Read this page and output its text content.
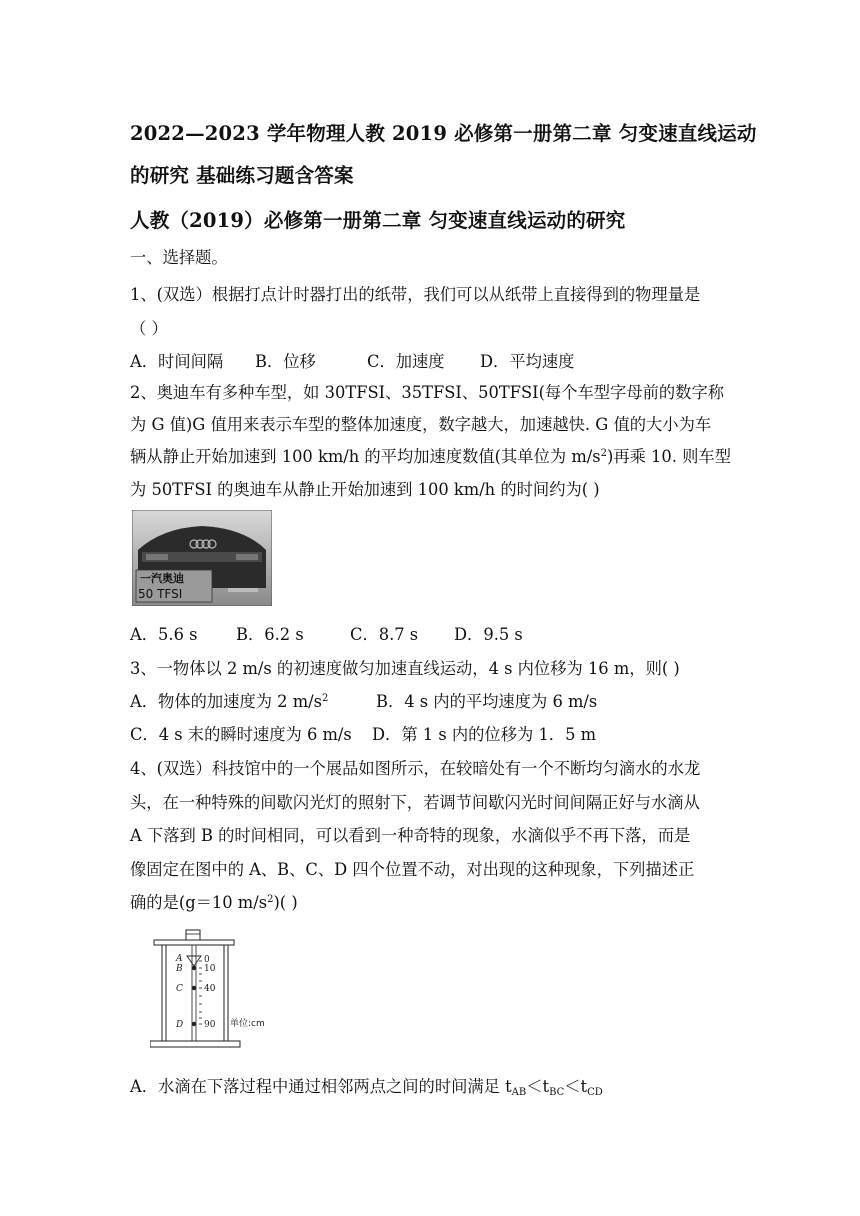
2022—2023 学年物理人教 2019 必修第一册第二章 匀变速直线运动
的研究 基础练习题含答案
人教（2019）必修第一册第二章 匀变速直线运动的研究
一、选择题。
1、(双选）根据打点计时器打出的纸带，我们可以从纸带上直接得到的物理量是
（ ）
A．时间间隔 B．位移	C．加速度 D．平均速度
2、奥迪车有多种车型，如 30TFSI、35TFSI、50TFSI(每个车型字母前的数字称
为 G 值)G 值用来表示车型的整体加速度，数字越大，加速越快. G 值的大小为车
辆从静止开始加速到 100 km/h 的平均加速度数值(其单位为 $m/s^2$)再乘 10. 则车型
为 50TFSI 的奥迪车从静止开始加速到 100 km/h 的时间约为( )
一汽奥迪
50 TFSI
A．5.6 s B．6.2 s	C．8.7 s D．9.5 s
3、一物体以 2 m/s 的初速度做匀加速直线运动，4 s 内位移为 16 m，则( )
A．物体的加速度为 2 $m/s^2$	B．4 s 内的平均速度为 6 m/s
C．4 s 末的瞬时速度为 6 m/s D．第 1 s 内的位移为 1．5 m
4、(双选）科技馆中的一个展品如图所示，在较暗处有一个不断均匀滴水的水龙
头，在一种特殊的间歇闪光灯的照射下，若调节间歇闪光时间间隔正好与水滴从
A 下落到 B 的时间相同，可以看到一种奇特的现象，水滴似乎不再下落，而是
像固定在图中的 A、B、C、D 四个位置不动，对出现的这种现象，下列描述正
确的是(g＝10 $m/s^2$)( )
A
B
C
D
0
10
40
90 单位:cm
A．水滴在下落过程中通过相邻两点之间的时间满足 $t_{AB}<t_{BC}<t_{CD}$
